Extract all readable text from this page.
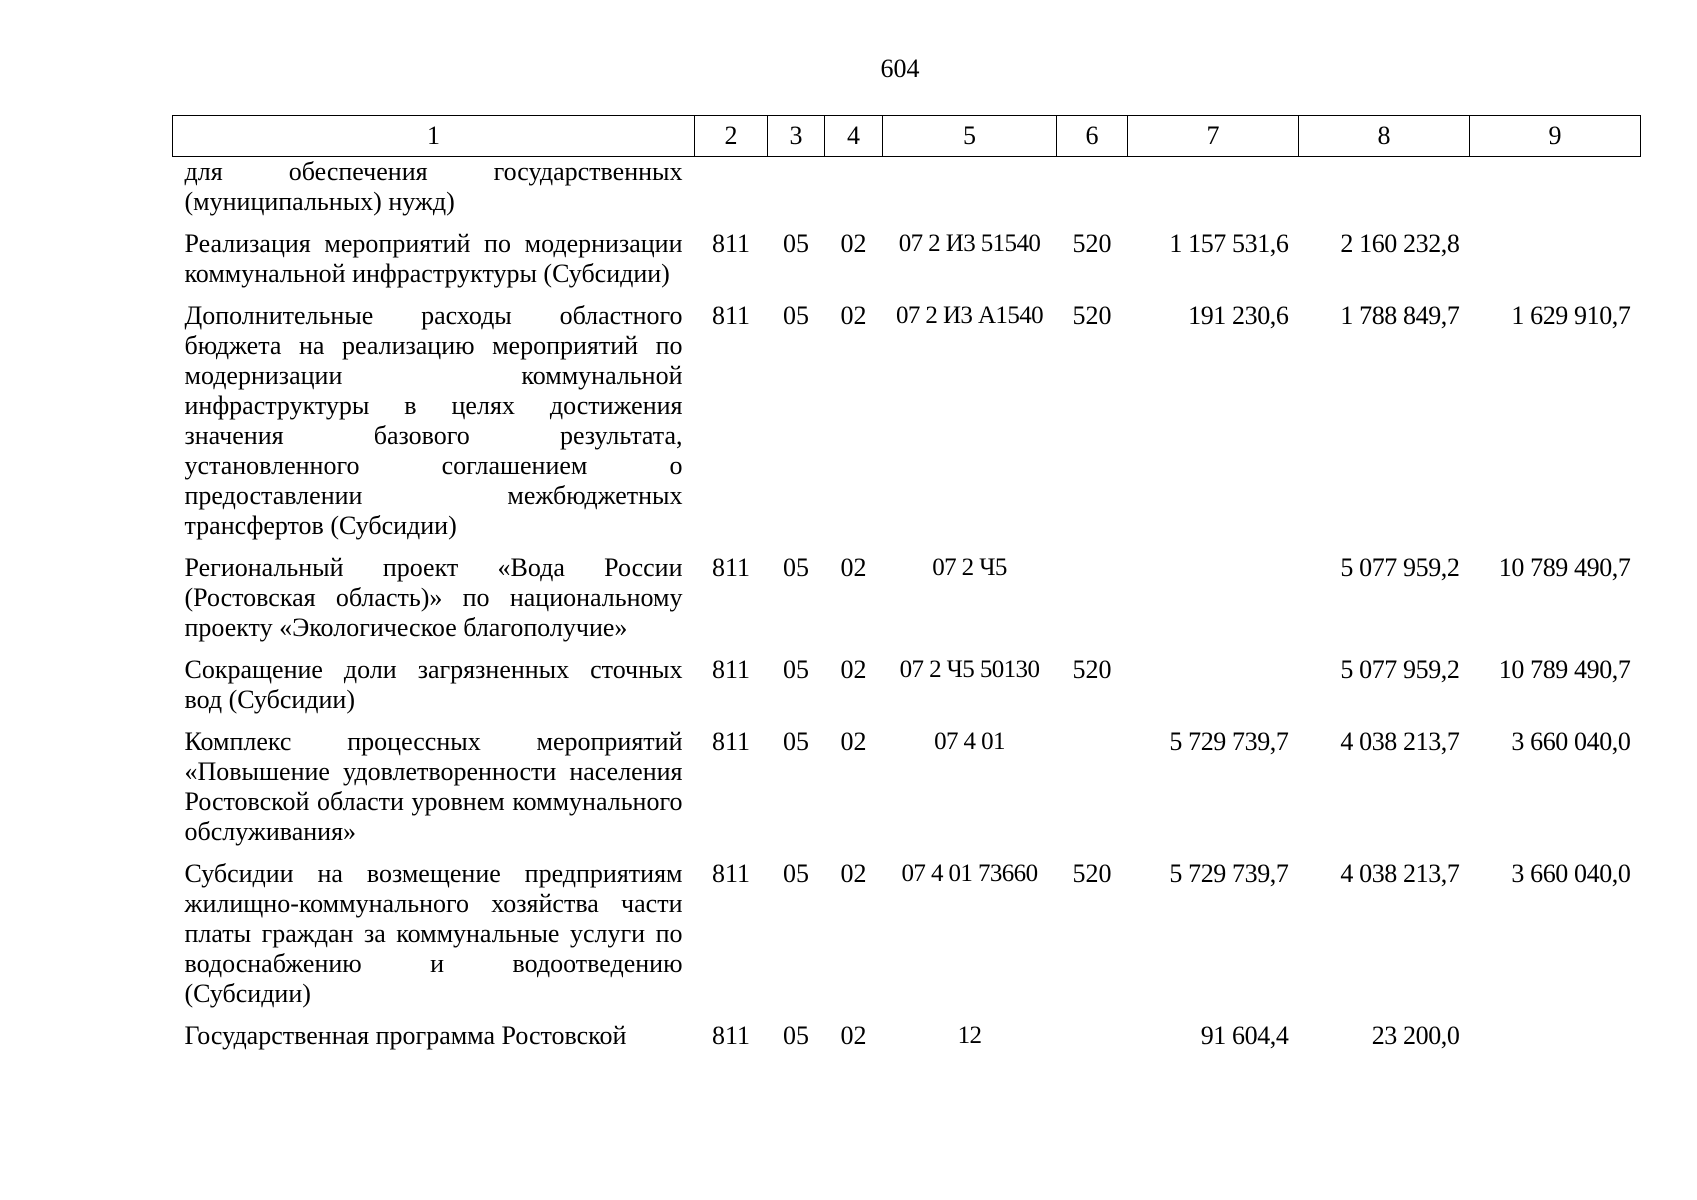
604
1	2	3	4	5	6	7	8	9
для обеспечения государственных (муниципальных) нужд)								
Реализация мероприятий по модернизации коммунальной инфраструктуры (Субсидии)	811	05	02	07 2 И3 51540	520	1 157 531,6	2 160 232,8	
Дополнительные расходы областного бюджета на реализацию мероприятий по модернизации коммунальной инфраструктуры в целях достижения значения базового результата, установленного соглашением о предоставлении межбюджетных трансфертов (Субсидии)	811	05	02	07 2 И3 А1540	520	191 230,6	1 788 849,7	1 629 910,7
Региональный проект «Вода России (Ростовская область)» по национальному проекту «Экологическое благополучие»	811	05	02	07 2 Ч5			5 077 959,2	10 789 490,7
Сокращение доли загрязненных сточных вод (Субсидии)	811	05	02	07 2 Ч5 50130	520		5 077 959,2	10 789 490,7
Комплекс процессных мероприятий «Повышение удовлетворенности населения Ростовской области уровнем коммунального обслуживания»	811	05	02	07 4 01		5 729 739,7	4 038 213,7	3 660 040,0
Субсидии на возмещение предприятиям жилищно-коммунального хозяйства части платы граждан за коммунальные услуги по водоснабжению и водоотведению (Субсидии)	811	05	02	07 4 01 73660	520	5 729 739,7	4 038 213,7	3 660 040,0
Государственная программа Ростовской	811	05	02	12		91 604,4	23 200,0	
